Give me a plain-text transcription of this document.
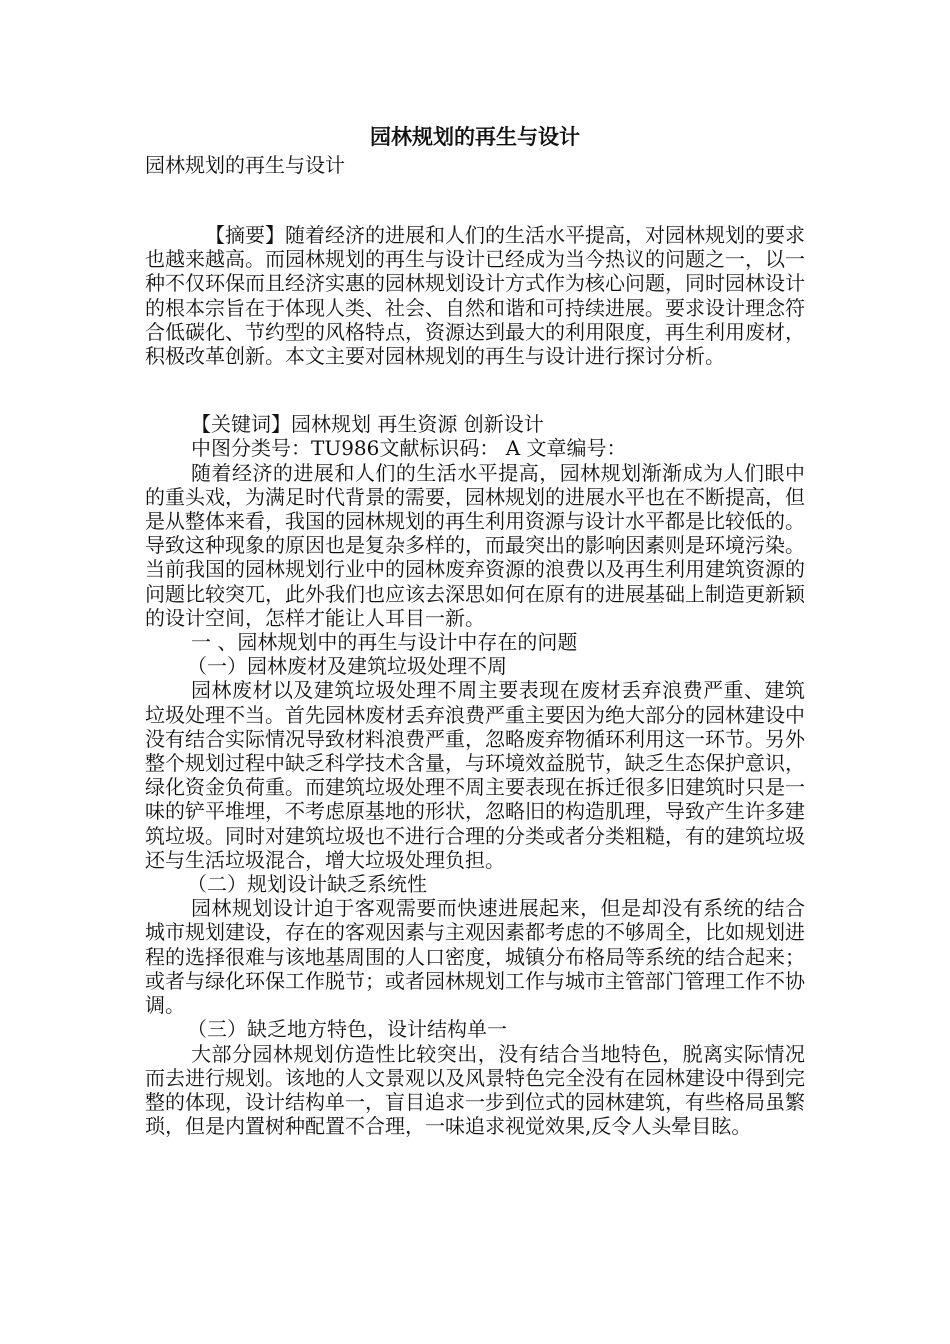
园林规划的再生与设计

园林规划的再生与设计

【摘要】随着经济的进展和人们的生活水平提高，对园林规划的要求也越来越高。而园林规划的再生与设计已经成为当今热议的问题之一，以一种不仅环保而且经济实惠的园林规划设计方式作为核心问题，同时园林设计的根本宗旨在于体现人类、社会、自然和谐和可持续进展。要求设计理念符合低碳化、节约型的风格特点，资源达到最大的利用限度，再生利用废材，积极改革创新。本文主要对园林规划的再生与设计进行探讨分析。

【关键词】园林规划 再生资源 创新设计

中图分类号：TU986文献标识码： A 文章编号：

随着经济的进展和人们的生活水平提高，园林规划渐渐成为人们眼中的重头戏，为满足时代背景的需要，园林规划的进展水平也在不断提高，但是从整体来看，我国的园林规划的再生利用资源与设计水平都是比较低的。导致这种现象的原因也是复杂多样的，而最突出的影响因素则是环境污染。当前我国的园林规划行业中的园林废弃资源的浪费以及再生利用建筑资源的问题比较突兀，此外我们也应该去深思如何在原有的进展基础上制造更新颖的设计空间，怎样才能让人耳目一新。

一 、园林规划中的再生与设计中存在的问题

（一）园林废材及建筑垃圾处理不周

园林废材以及建筑垃圾处理不周主要表现在废材丢弃浪费严重、建筑垃圾处理不当。首先园林废材丢弃浪费严重主要因为绝大部分的园林建设中没有结合实际情况导致材料浪费严重，忽略废弃物循环利用这一环节。另外整个规划过程中缺乏科学技术含量，与环境效益脱节，缺乏生态保护意识，绿化资金负荷重。而建筑垃圾处理不周主要表现在拆迁很多旧建筑时只是一味的铲平堆埋，不考虑原基地的形状，忽略旧的构造肌理，导致产生许多建筑垃圾。同时对建筑垃圾也不进行合理的分类或者分类粗糙，有的建筑垃圾还与生活垃圾混合，增大垃圾处理负担。

（二）规划设计缺乏系统性

园林规划设计迫于客观需要而快速进展起来，但是却没有系统的结合城市规划建设，存在的客观因素与主观因素都考虑的不够周全，比如规划进程的选择很难与该地基周围的人口密度，城镇分布格局等系统的结合起来；或者与绿化环保工作脱节；或者园林规划工作与城市主管部门管理工作不协调。

（三）缺乏地方特色，设计结构单一

大部分园林规划仿造性比较突出，没有结合当地特色，脱离实际情况而去进行规划。该地的人文景观以及风景特色完全没有在园林建设中得到完整的体现，设计结构单一，盲目追求一步到位式的园林建筑，有些格局虽繁琐，但是内置树种配置不合理，一味追求视觉效果,反令人头晕目眩。
